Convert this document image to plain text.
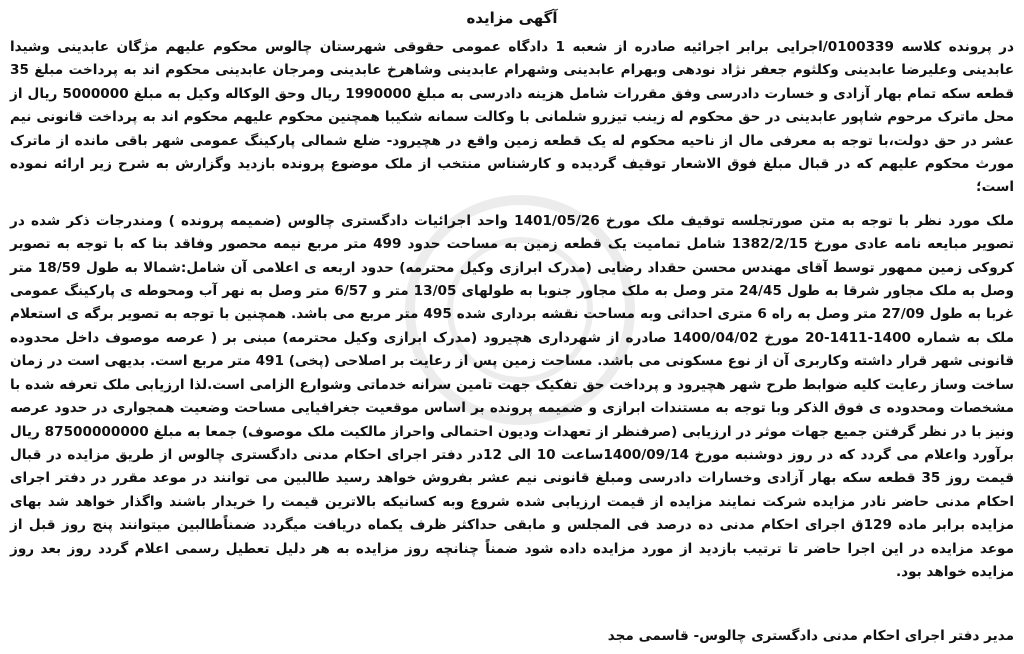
آگهی مزایده

در پرونده کلاسه 0100339/اجرایی برابر اجرائیه صادره از شعبه 1 دادگاه عمومی حقوقی شهرستان چالوس محکوم علیهم مژگان عابدینی وشیدا عابدینی وعلیرضا عابدینی وکلثوم جعفر نژاد نودهی وبهرام عابدینی وشهرام عابدینی وشاهرخ عابدینی ومرجان عابدینی محکوم اند به پرداخت مبلغ 35 قطعه سکه تمام بهار آزادی و خسارت دادرسی وفق مقررات شامل هزینه دادرسی به مبلغ 1990000 ریال وحق الوکاله وکیل به مبلغ 5000000 ریال از محل ماترک مرحوم شاپور عابدینی در حق محکوم له زینب تیزرو شلمانی با وکالت سمانه شکیبا همچنین محکوم علیهم محکوم اند به پرداخت قانونی نیم عشر در حق دولت،با توجه به معرفی مال از ناحیه محکوم له یک قطعه زمین واقع در هچیرود- ضلع شمالی پارکینگ عمومی شهر باقی مانده از ماترک مورث محکوم علیهم که در قبال مبلغ فوق الاشعار توقیف گردیده و کارشناس منتخب از ملک موضوع پرونده بازدید وگزارش به شرح زیر ارائه نموده است؛

ملک مورد نظر با توجه به متن صورتجلسه توقیف ملک مورخ 1401/05/26 واحد اجرائیات دادگستری چالوس (ضمیمه پرونده ) ومندرجات ذکر شده در تصویر مبایعه نامه عادی مورخ 1382/2/15 شامل تمامیت یک قطعه زمین به مساحت حدود 499 متر مربع نیمه محصور وفاقد بنا که با توجه به تصویر کروکی زمین ممهور توسط آقای مهندس محسن حقداد رضایی (مدرک ابرازی وکیل محترمه) حدود اربعه ی اعلامی آن شامل:شمالا به طول 18/59 متر وصل به ملک مجاور شرقا به طول 24/45 متر وصل به ملک مجاور جنوبا به طولهای 13/05 متر و 6/57 متر وصل به نهر آب ومحوطه ی پارکینگ عمومی غربا به طول 27/09 متر وصل به راه 6 متری احداثی وبه مساحت نقشه برداری شده 495 متر مربع می باشد. همچنین با توجه به تصویر برگه ی استعلام ملک به شماره 1400-1411-20 مورخ 1400/04/02 صادره از شهرداری هچیرود (مدرک ابرازی وکیل محترمه) مبنی بر ( عرصه موصوف داخل محدوده قانونی شهر قرار داشته وکاربری آن از نوع مسکونی می باشد. مساحت زمین پس از رعایت بر اصلاحی (پخی) 491 متر مربع است. بدیهی است در زمان ساخت وساز رعایت کلیه ضوابط طرح شهر هچیرود و پرداخت حق تفکیک جهت تامین سرانه خدماتی وشوارع الزامی است.لذا ارزیابی ملک تعرفه شده با مشخصات ومحدوده ی فوق الذکر وبا توجه به مستندات ابرازی و ضمیمه پرونده بر اساس موقعیت جغرافیایی مساحت وضعیت همجواری در حدود عرصه ونیز با در نظر گرفتن جمیع جهات موثر در ارزیابی (صرفنظر از تعهدات ودیون احتمالی واحراز مالکیت ملک موصوف) جمعا به مبلغ 87500000000 ریال برآورد واعلام می گردد که در روز دوشنبه مورخ 1400/09/14ساعت 10 الی 12در دفتر اجرای احکام مدنی دادگستری چالوس از طریق مزایده در قبال قیمت روز 35 قطعه سکه بهار آزادی وخسارات دادرسی ومبلغ قانونی نیم عشر بفروش خواهد رسید طالبین می توانند در موعد مقرر در دفتر اجرای احکام مدنی حاضر نادر مزایده شرکت نمایند مزایده از قیمت ارزیابی شده شروع وبه کسانیکه بالاترین قیمت را خریدار باشند واگذار خواهد شد بهای مزایده برابر ماده 129ق اجرای احکام مدنی ده درصد فی المجلس و مابقی حداکثر ظرف یکماه دریافت میگردد ضمناًطالبین میتوانند پنج روز قبل از موعد مزایده در این اجرا حاضر تا ترتیب بازدید از مورد مزایده داده شود ضمناً چنانچه روز مزایده به هر دلیل تعطیل رسمی اعلام گردد روز بعد روز مزایده خواهد بود.

مدیر دفتر اجرای احکام مدنی دادگستری چالوس- قاسمی مجد
